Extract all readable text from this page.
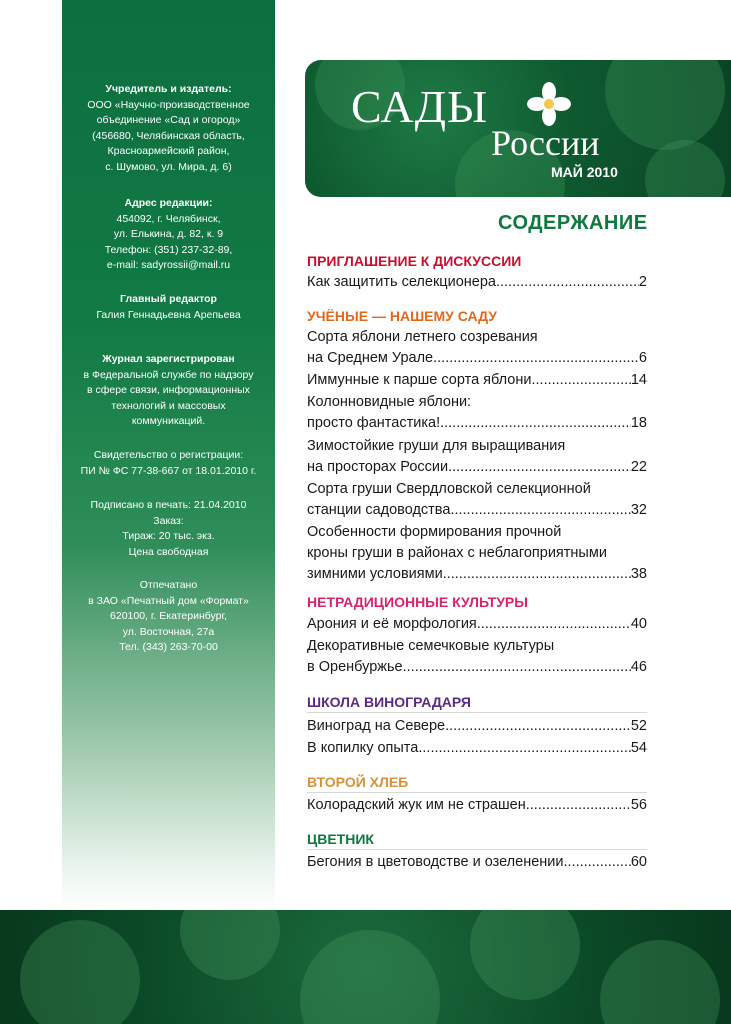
Учредитель и издатель:
ООО «Научно-производственное
объединение «Сад и огород»
(456680, Челябинская область,
Красноармейский район,
с. Шумово, ул. Мира, д. 6)
Адрес редакции:
454092, г. Челябинск,
ул. Елькина, д. 82, к. 9
Телефон: (351) 237-32-89,
e-mail: sadyrossii@mail.ru
Главный редактор
Галия Геннадьевна Арепьева
Журнал зарегистрирован
в Федеральной службе по надзору
в сфере связи, информационных
технологий и массовых
коммуникаций.
Свидетельство о регистрации:
ПИ № ФС 77-38-667 от 18.01.2010 г.
Подписано в печать: 21.04.2010
Заказ:
Тираж: 20 тыс. экз.
Цена свободная
Отпечатано
в ЗАО «Печатный дом «Формат»
620100, г. Екатеринбург,
ул. Восточная, 27а
Тел. (343) 263-70-00
САДЫ
России
МАЙ 2010
СОДЕРЖАНИЕ
ПРИГЛАШЕНИЕ К ДИСКУССИИ
Как защитить селекционера .....	2
УЧЁНЫЕ — НАШЕМУ САДУ
Сорта яблони летнего созревания
на Среднем Урале .....	6
Иммунные к парше сорта яблони .....	14
Колонновидные яблони:
просто фантастика! .....	18
Зимостойкие груши для выращивания
на просторах России .....	22
Сорта груши Свердловской селекционной
станции садоводства .....	32
Особенности формирования прочной
кроны груши в районах с неблагоприятными
зимними условиями .....	38
НЕТРАДИЦИОННЫЕ КУЛЬТУРЫ
Арония и её морфология .....	40
Декоративные семечковые культуры
в Оренбуржье .....	46
ШКОЛА ВИНОГРАДАРЯ
Виноград на Севере .....	52
В копилку опыта .....	54
ВТОРОЙ ХЛЕБ
Колорадский жук им не страшен .....	56
ЦВЕТНИК
Бегония в цветоводстве и озеленении .....	60
